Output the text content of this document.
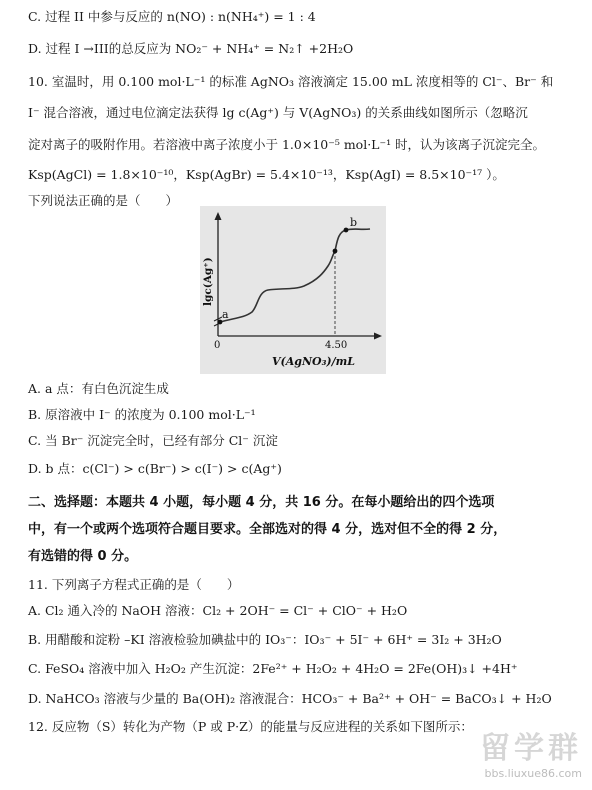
C. 过程 II 中参与反应的 n(NO) : n(NH₄⁺) = 1 : 4
D. 过程 I →III的总反应为 NO₂⁻ + NH₄⁺ = N₂↑ +2H₂O
10. 室温时，用 0.100 mol·L⁻¹ 的标准 AgNO₃ 溶液滴定 15.00 mL 浓度相等的 Cl⁻、Br⁻ 和
I⁻ 混合溶液，通过电位滴定法获得 lg c(Ag⁺) 与 V(AgNO₃) 的关系曲线如图所示（忽略沉
淀对离子的吸附作用。若溶液中离子浓度小于 1.0×10⁻⁵ mol·L⁻¹ 时，认为该离子沉淀完全。
Ksp(AgCl) = 1.8×10⁻¹⁰，Ksp(AgBr) = 5.4×10⁻¹³，Ksp(AgI) = 8.5×10⁻¹⁷ ）。
下列说法正确的是（　　）
a
b
0	4.50
V(AgNO₃)/mL
lgc(Ag⁺)
A. a 点：有白色沉淀生成
B. 原溶液中 I⁻ 的浓度为 0.100 mol·L⁻¹
C. 当 Br⁻ 沉淀完全时，已经有部分 Cl⁻ 沉淀
D. b 点：c(Cl⁻) > c(Br⁻) > c(I⁻) > c(Ag⁺)
二、选择题：本题共 4 小题，每小题 4 分，共 16 分。在每小题给出的四个选项
中，有一个或两个选项符合题目要求。全部选对的得 4 分，选对但不全的得 2 分，
有选错的得 0 分。
11. 下列离子方程式正确的是（　　）
A. Cl₂ 通入冷的 NaOH 溶液：Cl₂ + 2OH⁻ = Cl⁻ + ClO⁻ + H₂O
B. 用醋酸和淀粉 –KI 溶液检验加碘盐中的 IO₃⁻：IO₃⁻ + 5I⁻ + 6H⁺ = 3I₂ + 3H₂O
C. FeSO₄ 溶液中加入 H₂O₂ 产生沉淀：2Fe²⁺ + H₂O₂ + 4H₂O = 2Fe(OH)₃↓ +4H⁺
D. NaHCO₃ 溶液与少量的 Ba(OH)₂ 溶液混合：HCO₃⁻ + Ba²⁺ + OH⁻ = BaCO₃↓ + H₂O
12. 反应物（S）转化为产物（P 或 P·Z）的能量与反应进程的关系如下图所示：
留学群
bbs.liuxue86.com
